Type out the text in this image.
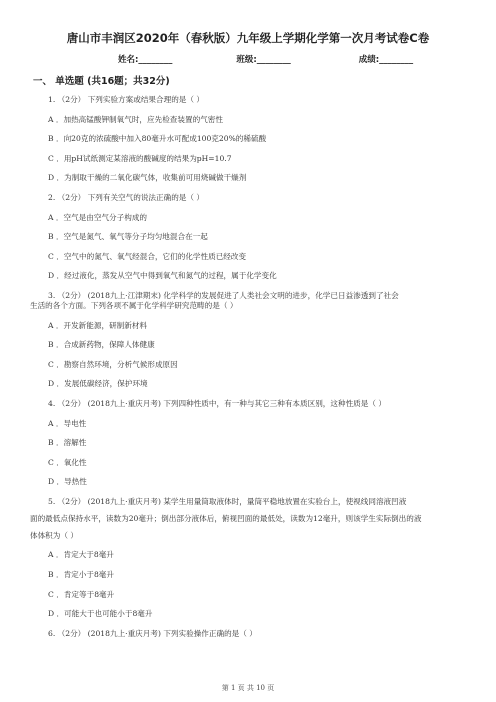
唐山市丰润区2020年（春秋版）九年级上学期化学第一次月考试卷C卷
姓名:________	班级:________	成绩:________
一、 单选题 (共16题；共32分)
1. （2分） 下列实验方案或结果合理的是（ ）
A ．加热高锰酸钾制氧气时，应先检查装置的气密性
B ．向20克的浓硫酸中加入80毫升水可配成100克20%的稀硫酸
C ．用pH试纸测定某溶液的酸碱度的结果为pH=10.7
D ．为制取干燥的二氧化碳气体，收集前可用烧碱做干燥剂
2. （2分） 下列有关空气的说法正确的是（ ）
A ．空气是由空气分子构成的
B ．空气是氮气、氧气等分子均匀地混合在一起
C ．空气中的氮气、氧气经混合，它们的化学性质已经改变
D ．经过液化，蒸发从空气中得到氧气和氮气的过程，属于化学变化
3. （2分） (2018九上·江津期末) 化学科学的发展促进了人类社会文明的进步，化学已日益渗透到了社会
生活的各个方面。下列各项不属于化学科学研究范畴的是（ ）
A ．开发新能源，研制新材料
B ．合成新药物，保障人体健康
C ．勘察自然环境，分析气候形成原因
D ．发展低碳经济，保护环境
4. （2分） (2018九上·重庆月考) 下列四种性质中，有一种与其它三种有本质区别，这种性质是（ ）
A ．导电性
B ．溶解性
C ．氧化性
D ．导热性
5. （2分） (2018九上·重庆月考) 某学生用量筒取液体时，量筒平稳地放置在实验台上，使视线同溶液凹液
面的最低点保持水平，读数为20毫升；倒出部分液体后，俯视凹面的最低处，读数为12毫升，则该学生实际倒出的液
体体积为（ ）
A ．肯定大于8毫升
B ．肯定小于8毫升
C ．肯定等于8毫升
D ．可能大于也可能小于8毫升
6. （2分） (2018九上·重庆月考) 下列实验操作正确的是（ ）
第 1 页 共 10 页
